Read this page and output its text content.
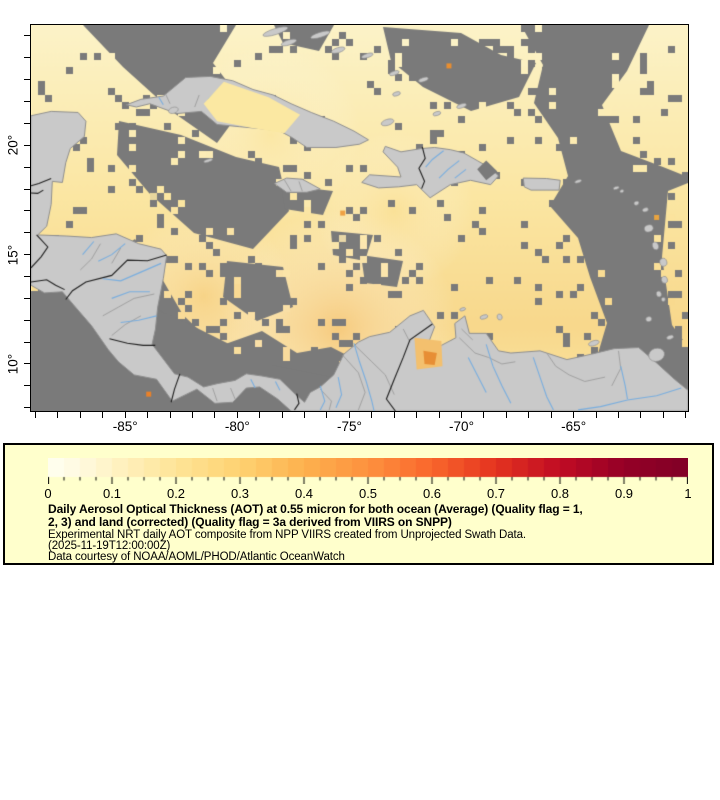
-85°	-80°	-75°	-70°	-65°
20°
15°
10°
0	0.1	0.2	0.3	0.4	0.5	0.6	0.7	0.8	0.9	1
Daily Aerosol Optical Thickness (AOT) at 0.55 micron for both ocean (Average) (Quality flag = 1,
2, 3) and land (corrected) (Quality flag = 3a derived from VIIRS on SNPP)
Experimental NRT daily AOT composite from NPP VIIRS created from Unprojected Swath Data.
(2025-11-19T12:00:00Z)
Data courtesy of NOAA/AOML/PHOD/Atlantic OceanWatch
